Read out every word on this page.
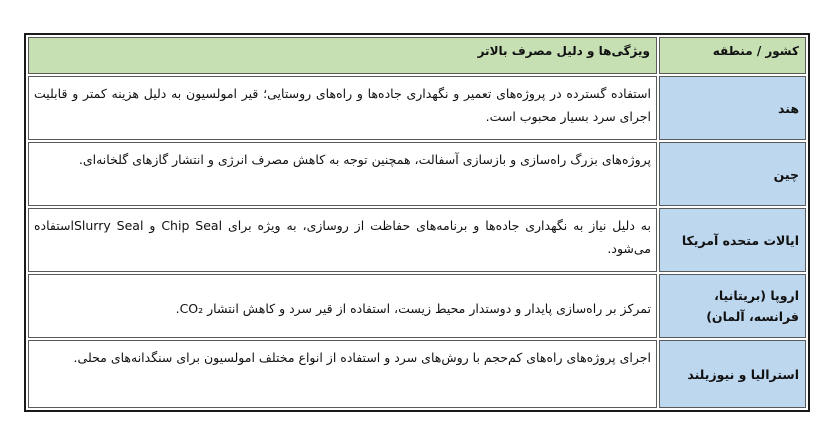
ویژگی‌ها و دلیل مصرف بالاتر	کشور / منطقه
استفاده گسترده در پروژه‌های تعمیر و نگهداری جاده‌ها و راه‌های روستایی؛ قیر امولسیون به دلیل هزینه کمتر و قابلیت اجرای سرد بسیار محبوب است.
هند
پروژه‌های بزرگ راه‌سازی و بازسازی آسفالت، همچنین توجه به کاهش مصرف انرژی و انتشار گازهای گلخانه‌ای.
چین
به دلیل نیاز به نگهداری جاده‌ها و برنامه‌های حفاظت از روسازی، به ویژه برای Chip Seal و Slurry Sealاستفاده می‌شود.
ایالات متحده آمریکا
تمرکز بر راه‌سازی پایدار و دوستدار محیط زیست، استفاده از قیر سرد و کاهش انتشار CO₂.
اروپا (بریتانیا، فرانسه، آلمان)
اجرای پروژه‌های راه‌های کم‌حجم با روش‌های سرد و استفاده از انواع مختلف امولسیون برای سنگدانه‌های محلی.
استرالیا و نیوزیلند
